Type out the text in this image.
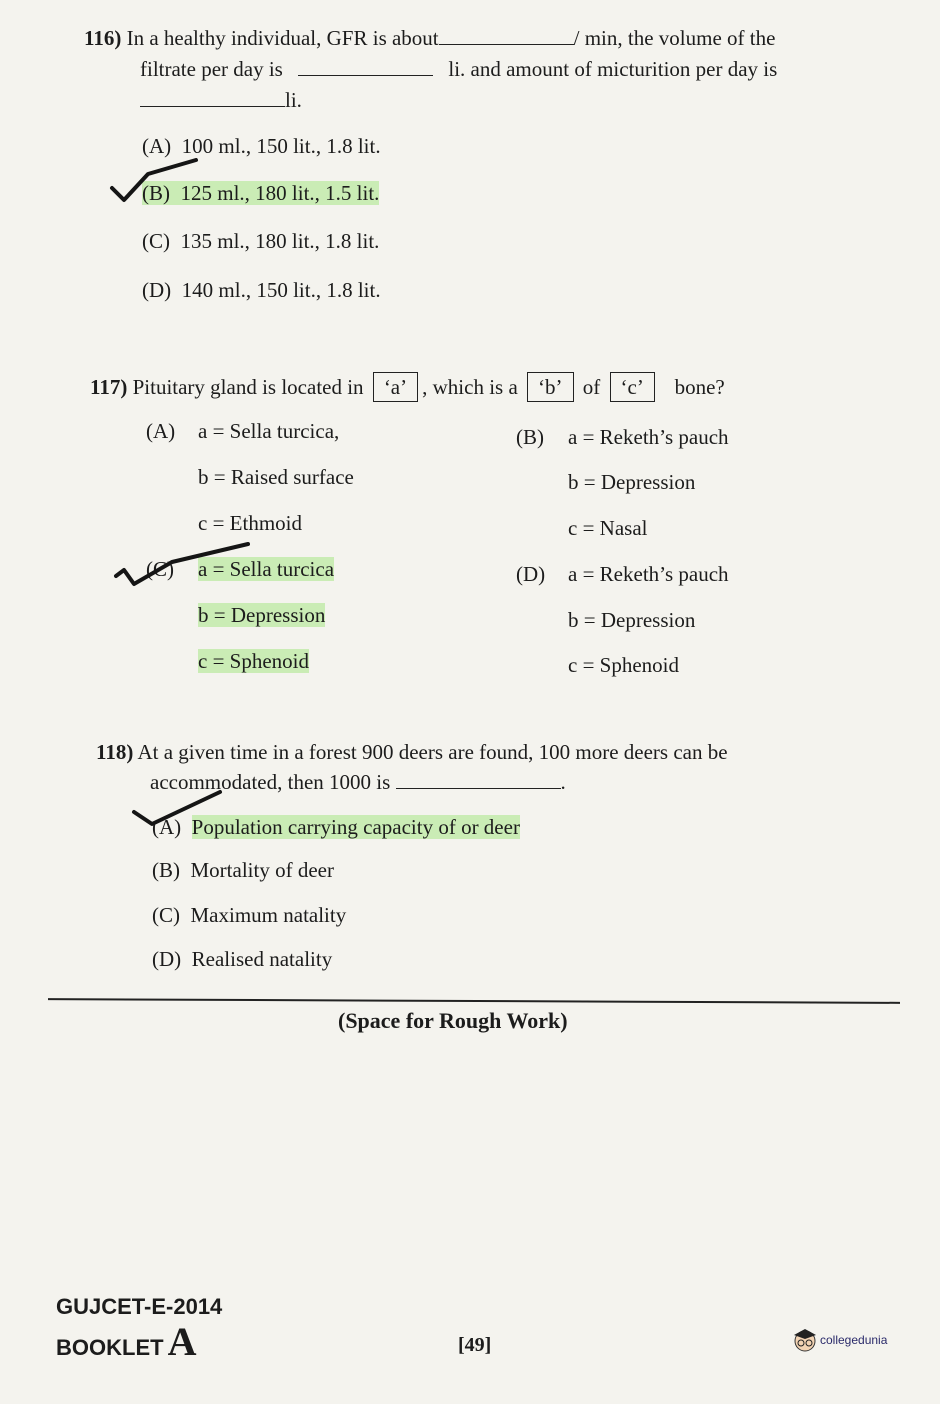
116) In a healthy individual, GFR is about	/ min, the volume of the
filtrate per day is	li. and amount of micturition per day is
li.
(A) 100 ml., 150 lit., 1.8 lit.
(B) 125 ml., 180 lit., 1.5 lit.
(C) 135 ml., 180 lit., 1.8 lit.
(D) 140 ml., 150 lit., 1.8 lit.
117) Pituitary gland is located in ‘a’ , which is a ‘b’ of ‘c’ bone?
(A) a = Sella turcica,
b = Raised surface
c = Ethmoid
(B) a = Reketh’s pauch
b = Depression
c = Nasal
(C) a = Sella turcica
b = Depression
c = Sphenoid
(D) a = Reketh’s pauch
b = Depression
c = Sphenoid
118) At a given time in a forest 900 deers are found, 100 more deers can be
accommodated, then 1000 is	.
(A) Population carrying capacity of or deer
(B) Mortality of deer
(C) Maximum natality
(D) Realised natality
(Space for Rough Work)
GUJCET-E-2014
BOOKLET A	[49]	collegedunia
